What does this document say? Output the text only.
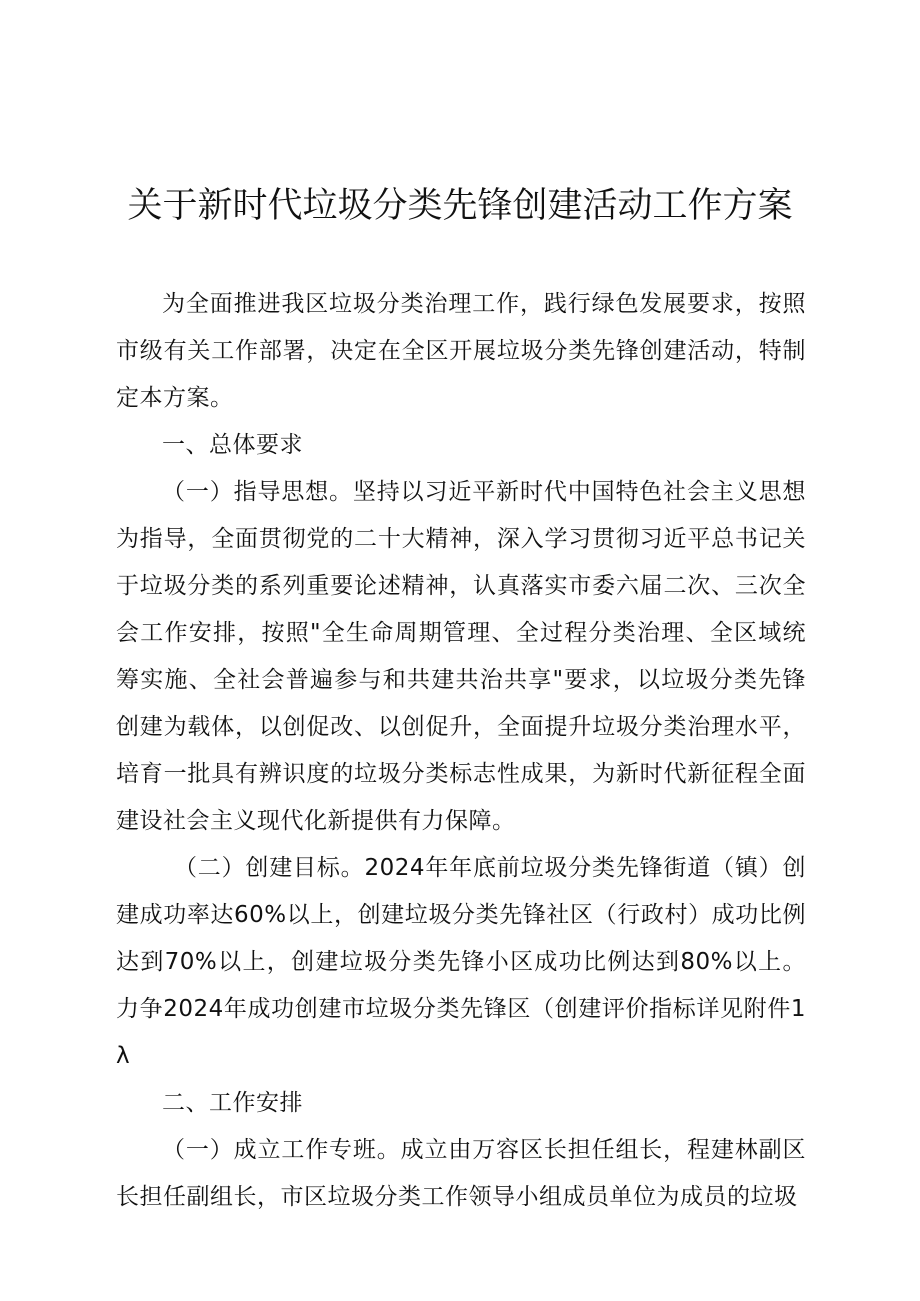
关于新时代垃圾分类先锋创建活动工作方案

为全面推进我区垃圾分类治理工作，践行绿色发展要求，按照市级有关工作部署，决定在全区开展垃圾分类先锋创建活动，特制定本方案。

一、总体要求

（一）指导思想。坚持以习近平新时代中国特色社会主义思想为指导，全面贯彻党的二十大精神，深入学习贯彻习近平总书记关于垃圾分类的系列重要论述精神，认真落实市委六届二次、三次全会工作安排，按照"全生命周期管理、全过程分类治理、全区域统筹实施、全社会普遍参与和共建共治共享"要求，以垃圾分类先锋创建为载体，以创促改、以创促升，全面提升垃圾分类治理水平，培育一批具有辨识度的垃圾分类标志性成果，为新时代新征程全面建设社会主义现代化新提供有力保障。

（二）创建目标。2024年年底前垃圾分类先锋街道（镇）创建成功率达60%以上，创建垃圾分类先锋社区（行政村）成功比例达到70%以上，创建垃圾分类先锋小区成功比例达到80%以上。力争2024年成功创建市垃圾分类先锋区（创建评价指标详见附件1λ

二、工作安排

（一）成立工作专班。成立由万容区长担任组长，程建林副区长担任副组长，市区垃圾分类工作领导小组成员单位为成员的垃圾
